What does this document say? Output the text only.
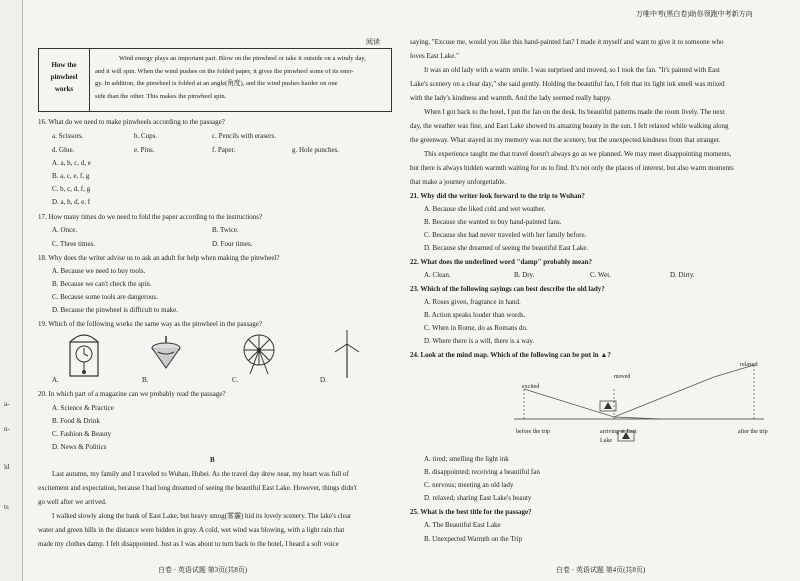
a-
n-
ld
ts
阅读
How the
pinwheel
works
Wind energy plays an important part. Blow on the pinwheel or take it outside on a windy day,
and it will spin. When the wind pushes on the folded paper, it gives the pinwheel some of its ener-
gy. In addition, the pinwheel is folded at an angle(角度), and the wind pushes harder on one
side than the other. This makes the pinwheel spin.
16. What do we need to make pinwheels according to the passage?
a. Scissors.	b. Cups.	c. Pencils with erasers.
d. Glue.	e. Pins.	f. Paper.	g. Hole punches.
A. a, b, c, d, e
B. a, c, e, f, g
C. b, c, d, f, g
D. a, b, d, e, f
17. How many times do we need to fold the paper according to the instructions?
A. Once.	B. Twice.
C. Three times.	D. Four times.
18. Why does the writer advise us to ask an adult for help when making the pinwheel?
A. Because we need to buy tools.
B. Because we can't check the spin.
C. Because some tools are dangerous.
D. Because the pinwheel is difficult to make.
19. Which of the following works the same way as the pinwheel in the passage?
A.	B.	C.	D.
20. In which part of a magazine can we probably read the passage?
A. Science & Practice
B. Food & Drink
C. Fashion & Beauty
D. News & Politics
B
Last autumn, my family and I traveled to Wuhan, Hubei. As the travel day drew near, my heart was full of
excitement and expectation, because I had long dreamed of seeing the beautiful East Lake. However, things didn't
go well after we arrived.
I walked slowly along the bank of East Lake, but heavy smog(雾霾) hid its lovely scenery. The lake's clear
water and green hills in the distance were hidden in gray. A cold, wet wind was blowing, with a light rain that
made my clothes damp. I felt disappointed. Just as I was about to turn back to the hotel, I heard a soft voice
白卷 · 英语试题 第3页(共8页)
万唯中考(黑白卷)助你领跑中考新方向
saying, "Excuse me, would you like this hand-painted fan? I made it myself and want to give it to someone who
loves East Lake."
It was an old lady with a warm smile. I was surprised and moved, so I took the fan. "It's painted with East
Lake's scenery on a clear day," she said gently. Holding the beautiful fan, I felt that its light ink smell was mixed
with the lady's kindness and warmth. And the lady seemed really happy.
When I got back to the hotel, I put the fan on the desk. Its beautiful patterns made the room lively. The next
day, the weather was fine, and East Lake showed its amazing beauty in the sun. I felt relaxed while walking along
the greenway. What stayed in my memory was not the scenery, but the unexpected kindness from that stranger.
This experience taught me that travel doesn't always go as we planned. We may meet disappointing moments,
but there is always hidden warmth waiting for us to find. It's not only the places of interest, but also warm moments
that make a journey unforgettable.
21. Why did the writer look forward to the trip to Wuhan?
A. Because she liked cold and wet weather.
B. Because she wanted to buy hand-painted fans.
C. Because she had never traveled with her family before.
D. Because she dreamed of seeing the beautiful East Lake.
22. What does the underlined word "damp" probably mean?
A. Clean.	B. Dry.	C. Wet.	D. Dirty.
23. Which of the following sayings can best describe the old lady?
A. Roses given, fragrance in hand.
B. Action speaks louder than words.
C. When in Rome, do as Romans do.
D. Where there is a will, there is a way.
24. Look at the mind map. Which of the following can be put in ▲?
excited
moved
relaxed
before the trip	arriving at East Lake
after the trip
A. tired; smelling the light ink
B. disappointed; receiving a beautiful fan
C. nervous; meeting an old lady
D. relaxed; sharing East Lake's beauty
25. What is the best title for the passage?
A. The Beautiful East Lake
B. Unexpected Warmth on the Trip
白卷 · 英语试题 第4页(共8页)
